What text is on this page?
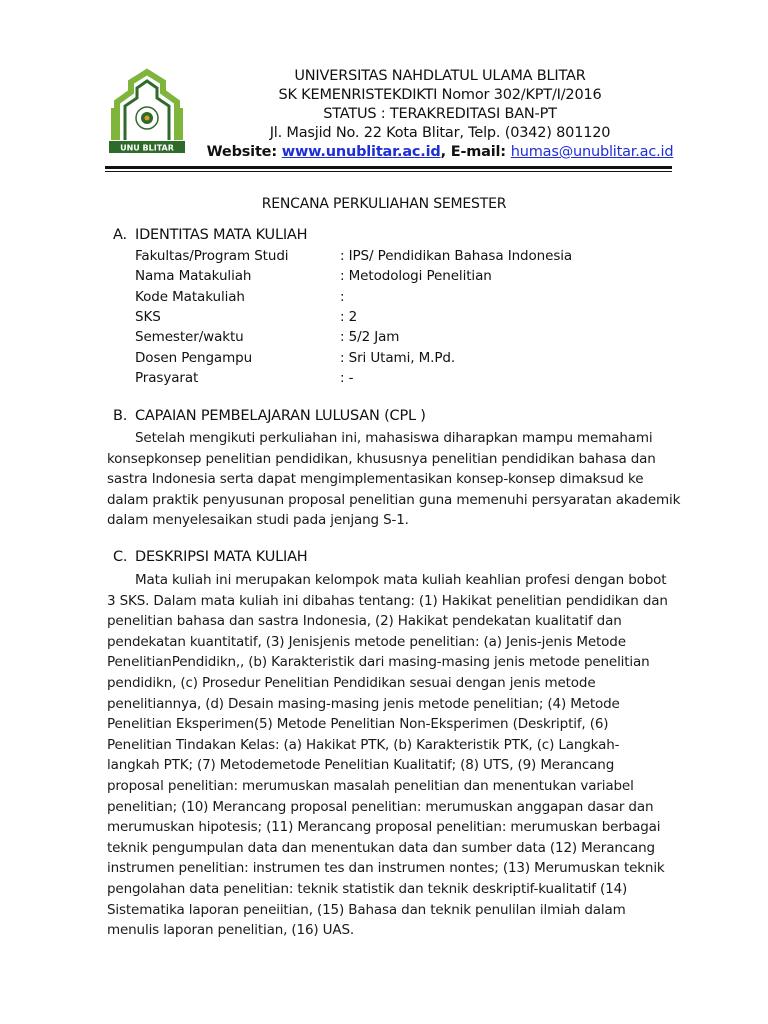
UNU BLITAR
UNIVERSITAS NAHDLATUL ULAMA BLITAR
SK KEMENRISTEKDIKTI Nomor 302/KPT/I/2016
STATUS : TERAKREDITASI BAN-PT
Jl. Masjid No. 22 Kota Blitar, Telp. (0342) 801120
Website: www.unublitar.ac.id, E-mail: humas@unublitar.ac.id
RENCANA PERKULIAHAN SEMESTER
A. IDENTITAS MATA KULIAH
Fakultas/Program Studi	: IPS/ Pendidikan Bahasa Indonesia
Nama Matakuliah	: Metodologi Penelitian
Kode Matakuliah	:
SKS	: 2
Semester/waktu	: 5/2 Jam
Dosen Pengampu	: Sri Utami, M.Pd.
Prasyarat	: -
B. CAPAIAN PEMBELAJARAN LULUSAN (CPL )
Setelah mengikuti perkuliahan ini, mahasiswa diharapkan mampu memahami
konsepkonsep penelitian pendidikan, khususnya penelitian pendidikan bahasa dan
sastra Indonesia serta dapat mengimplementasikan konsep-konsep dimaksud ke
dalam praktik penyusunan proposal penelitian guna memenuhi persyaratan akademik
dalam menyelesaikan studi pada jenjang S-1.
C. DESKRIPSI MATA KULIAH
Mata kuliah ini merupakan kelompok mata kuliah keahlian profesi dengan bobot
3 SKS. Dalam mata kuliah ini dibahas tentang: (1) Hakikat penelitian pendidikan dan
penelitian bahasa dan sastra Indonesia, (2) Hakikat pendekatan kualitatif dan
pendekatan kuantitatif, (3) Jenisjenis metode penelitian: (a) Jenis-jenis Metode
PenelitianPendidikn,, (b) Karakteristik dari masing-masing jenis metode penelitian
pendidikn, (c) Prosedur Penelitian Pendidikan sesuai dengan jenis metode
penelitiannya, (d) Desain masing-masing jenis metode penelitian; (4) Metode
Penelitian Eksperimen(5) Metode Penelitian Non-Eksperimen (Deskriptif, (6)
Penelitian Tindakan Kelas: (a) Hakikat PTK, (b) Karakteristik PTK, (c) Langkah-
langkah PTK; (7) Metodemetode Penelitian Kualitatif; (8) UTS, (9) Merancang
proposal penelitian: merumuskan masalah penelitian dan menentukan variabel
penelitian; (10) Merancang proposal penelitian: merumuskan anggapan dasar dan
merumuskan hipotesis; (11) Merancang proposal penelitian: merumuskan berbagai
teknik pengumpulan data dan menentukan data dan sumber data (12) Merancang
instrumen penelitian: instrumen tes dan instrumen nontes; (13) Merumuskan teknik
pengolahan data penelitian: teknik statistik dan teknik deskriptif-kualitatif (14)
Sistematika laporan peneiitian, (15) Bahasa dan teknik penulilan ilmiah dalam
menulis laporan penelitian, (16) UAS.
